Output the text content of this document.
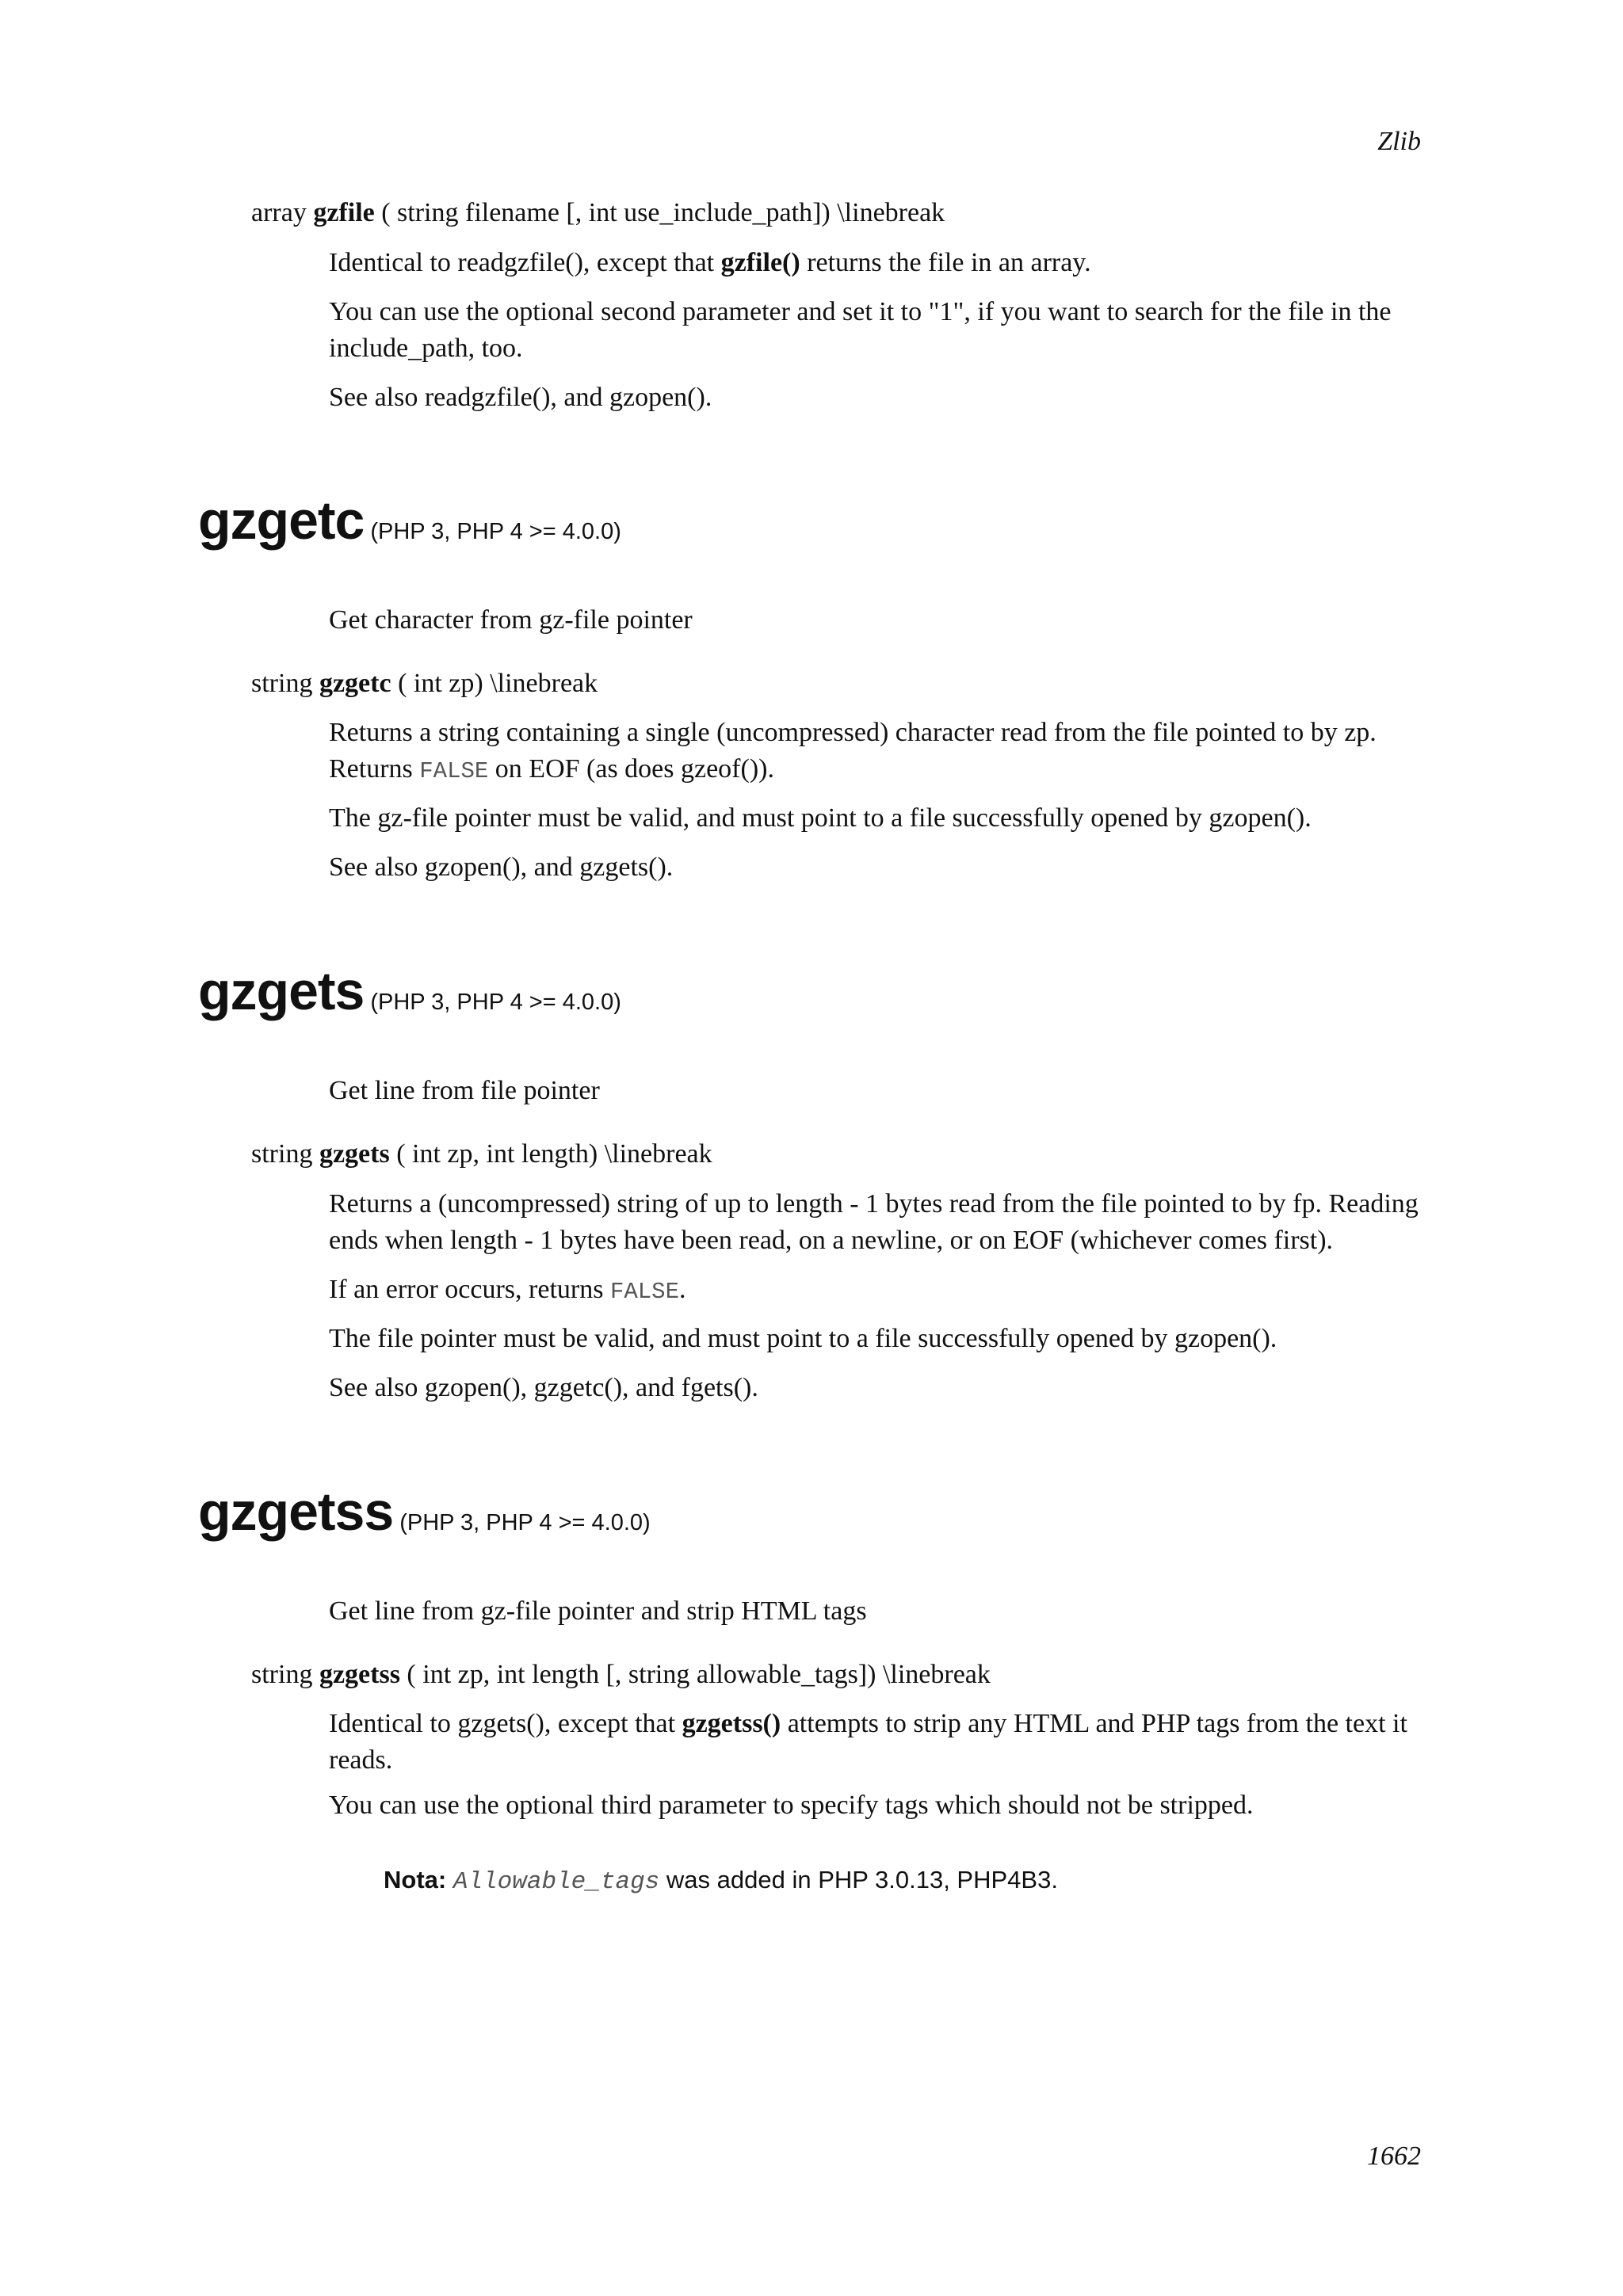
Zlib
array gzfile ( string filename [, int use_include_path]) \linebreak
Identical to readgzfile(), except that gzfile() returns the file in an array.
You can use the optional second parameter and set it to "1", if you want to search for the file in the
include_path, too.
See also readgzfile(), and gzopen().
gzgetc (PHP 3, PHP 4 >= 4.0.0)
Get character from gz-file pointer
string gzgetc ( int zp) \linebreak
Returns a string containing a single (uncompressed) character read from the file pointed to by zp.
Returns FALSE on EOF (as does gzeof()).
The gz-file pointer must be valid, and must point to a file successfully opened by gzopen().
See also gzopen(), and gzgets().
gzgets (PHP 3, PHP 4 >= 4.0.0)
Get line from file pointer
string gzgets ( int zp, int length) \linebreak
Returns a (uncompressed) string of up to length - 1 bytes read from the file pointed to by fp. Reading
ends when length - 1 bytes have been read, on a newline, or on EOF (whichever comes first).
If an error occurs, returns FALSE.
The file pointer must be valid, and must point to a file successfully opened by gzopen().
See also gzopen(), gzgetc(), and fgets().
gzgetss (PHP 3, PHP 4 >= 4.0.0)
Get line from gz-file pointer and strip HTML tags
string gzgetss ( int zp, int length [, string allowable_tags]) \linebreak
Identical to gzgets(), except that gzgetss() attempts to strip any HTML and PHP tags from the text it
reads.
You can use the optional third parameter to specify tags which should not be stripped.
Nota: Allowable_tags was added in PHP 3.0.13, PHP4B3.
1662
